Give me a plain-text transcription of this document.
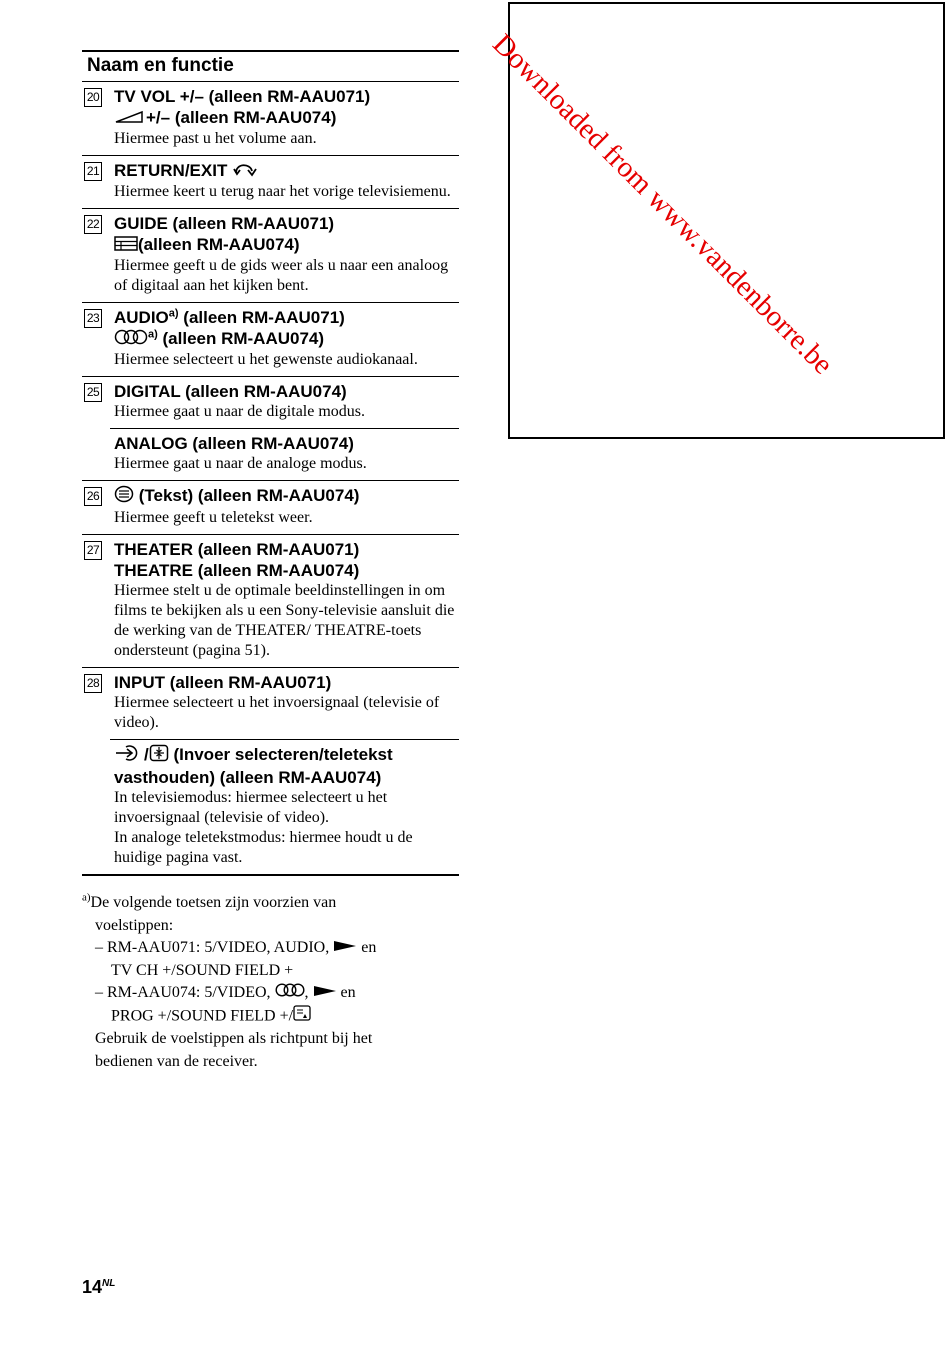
Naam en functie
20 TV VOL +/– (alleen RM-AAU071)
+/– (alleen RM-AAU074)
Hiermee past u het volume aan.
21 RETURN/EXIT
Hiermee keert u terug naar het vorige televisiemenu.
22 GUIDE (alleen RM-AAU071)
(alleen RM-AAU074)
Hiermee geeft u de gids weer als u naar een analoog of digitaal aan het kijken bent.
23 AUDIO$^{a)}$ (alleen RM-AAU071)
$^{a)}$ (alleen RM-AAU074)
Hiermee selecteert u het gewenste audiokanaal.
25 DIGITAL (alleen RM-AAU074)
Hiermee gaat u naar de digitale modus.
ANALOG (alleen RM-AAU074)
Hiermee gaat u naar de analoge modus.
26	(Tekst) (alleen RM-AAU074)
Hiermee geeft u teletekst weer.
27 THEATER (alleen RM-AAU071)
THEATRE (alleen RM-AAU074)
Hiermee stelt u de optimale beeldinstellingen in om films te bekijken als u een Sony-televisie aansluit die de werking van de THEATER/ THEATRE-toets ondersteunt (pagina 51).
28 INPUT (alleen RM-AAU071)
Hiermee selecteert u het invoersignaal (televisie of video).
/ (Invoer selecteren/teletekst vasthouden) (alleen RM-AAU074)
In televisiemodus: hiermee selecteert u het invoersignaal (televisie of video).
In analoge teletekstmodus: hiermee houdt u de huidige pagina vast.
$^{a)}$De volgende toetsen zijn voorzien van
voelstippen:
– RM-AAU071: 5/VIDEO, AUDIO, en
TV CH +/SOUND FIELD +
– RM-AAU074: 5/VIDEO, , en
PROG +/SOUND FIELD +/
Gebruik de voelstippen als richtpunt bij het
bedienen van de receiver.
$14^{NL}$
Downloaded from www.vandenborre.be
